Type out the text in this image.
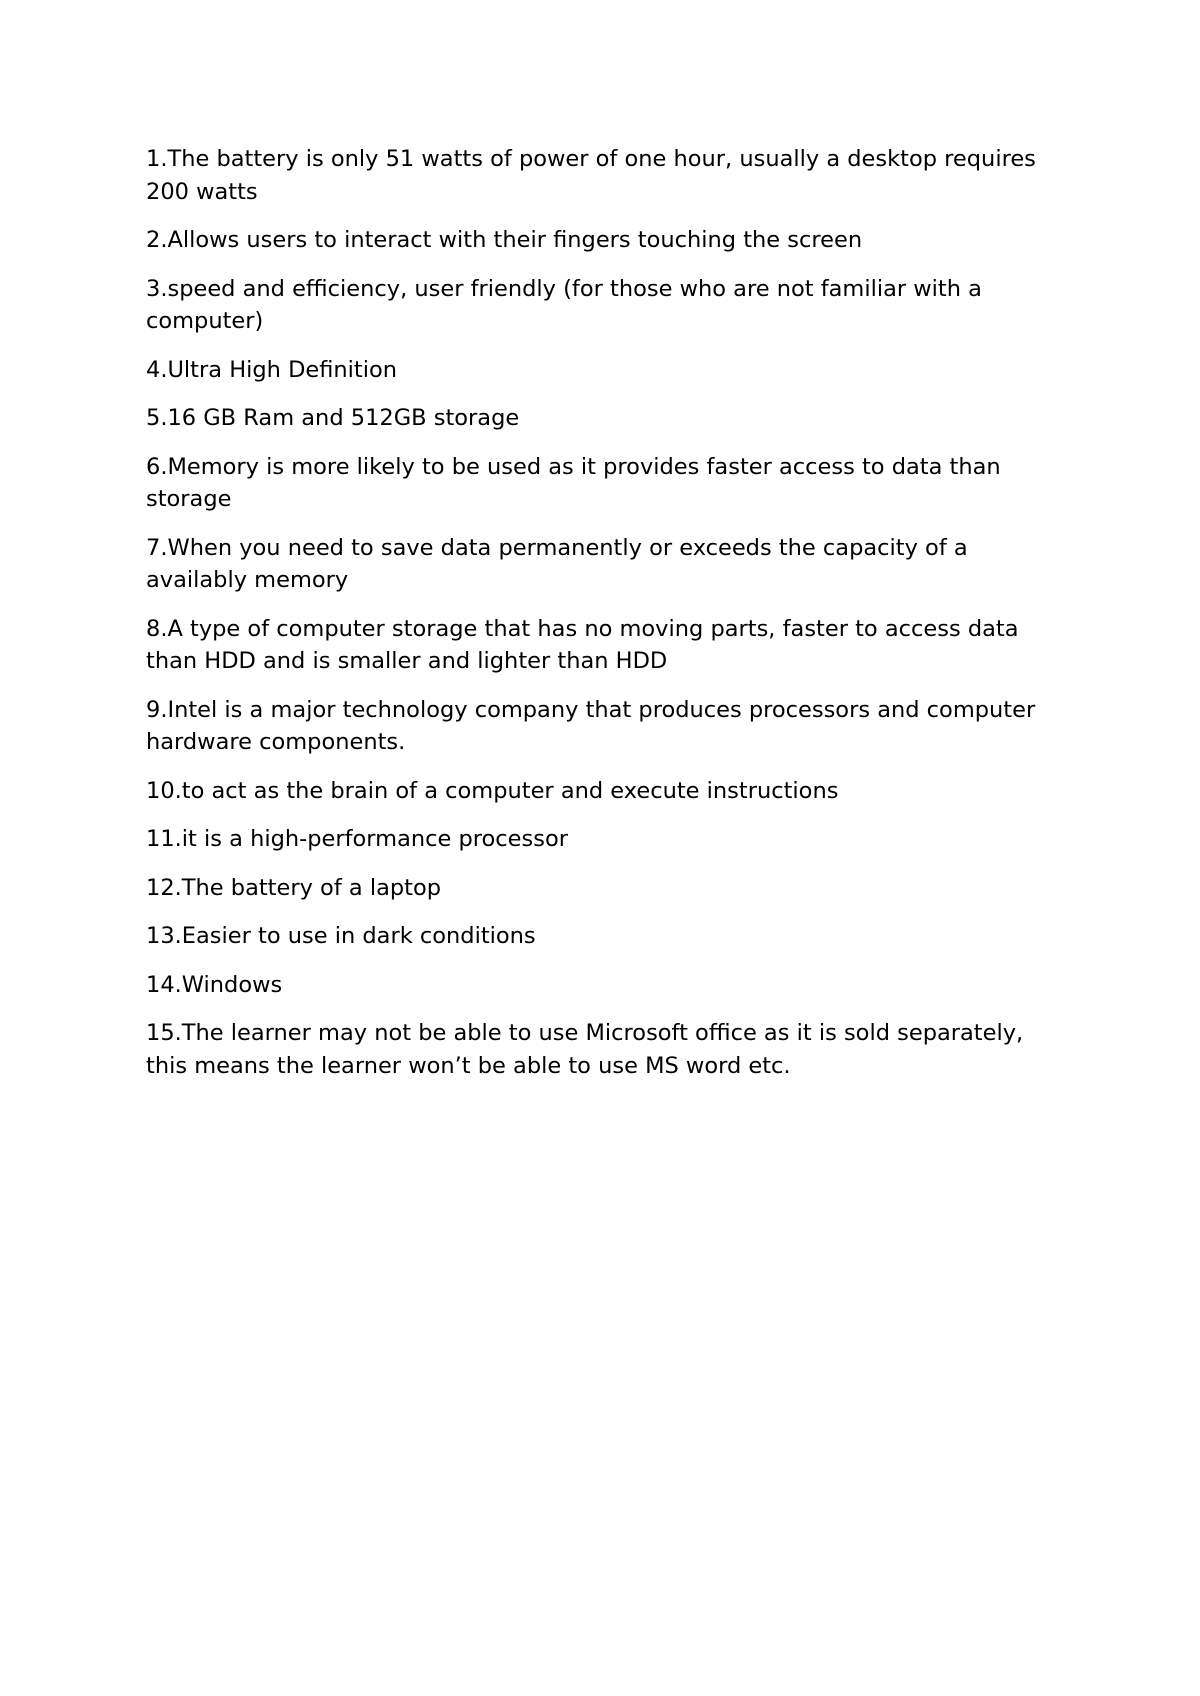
1.The battery is only 51 watts of power of one hour, usually a desktop requires 200 watts

2.Allows users to interact with their fingers touching the screen

3.speed and efficiency, user friendly (for those who are not familiar with a computer)

4.Ultra High Definition

5.16 GB Ram and 512GB storage

6.Memory is more likely to be used as it provides faster access to data than storage

7.When you need to save data permanently or exceeds the capacity of a availably memory

8.A type of computer storage that has no moving parts, faster to access data than HDD and is smaller and lighter than HDD

9.Intel is a major technology company that produces processors and computer hardware components.

10.to act as the brain of a computer and execute instructions

11.it is a high-performance processor

12.The battery of a laptop

13.Easier to use in dark conditions

14.Windows

15.The learner may not be able to use Microsoft office as it is sold separately, this means the learner won’t be able to use MS word etc.
